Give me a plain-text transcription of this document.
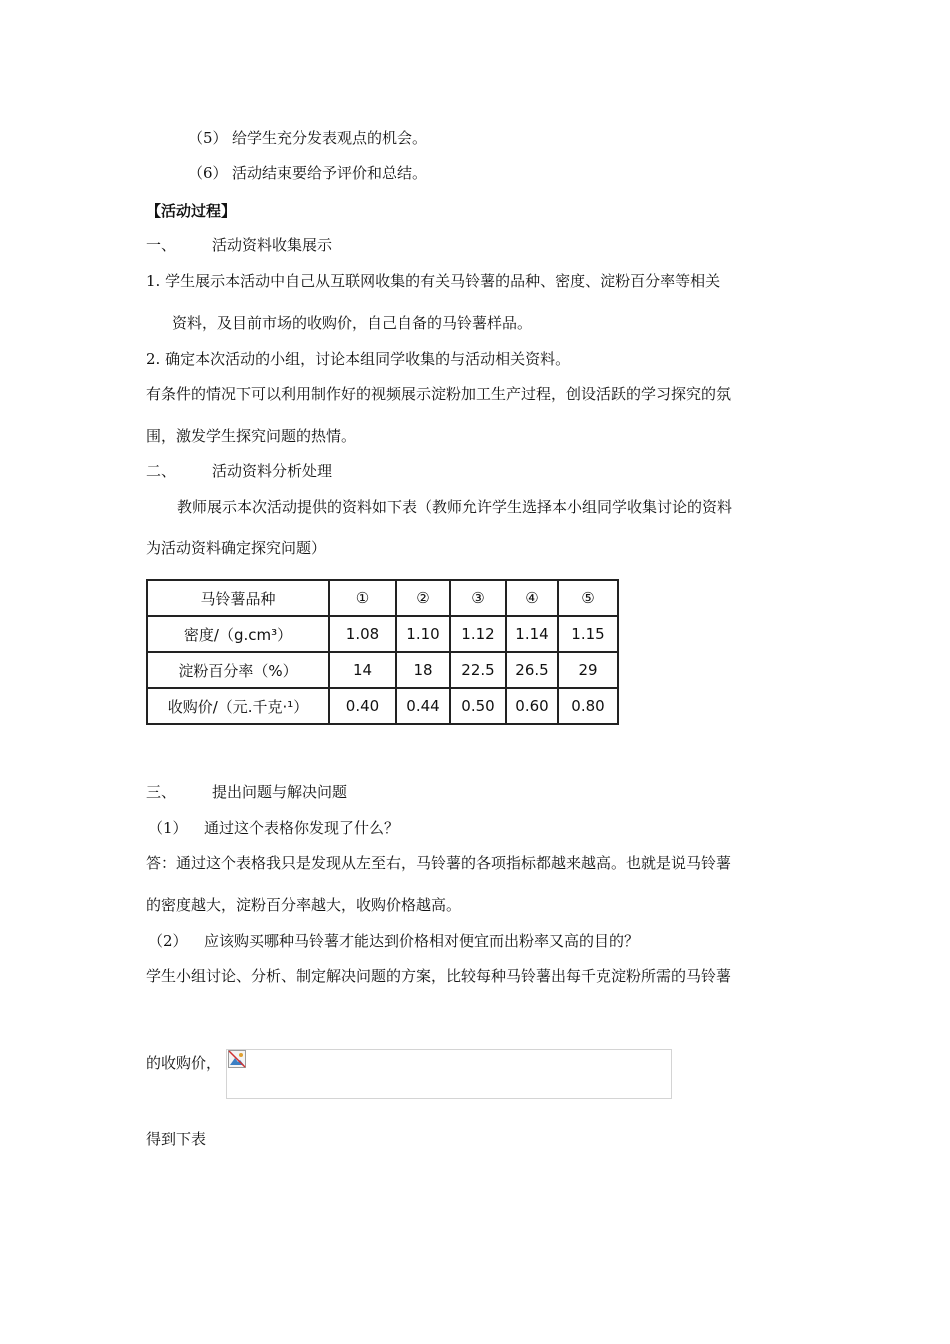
（5） 给学生充分发表观点的机会。
（6） 活动结束要给予评价和总结。
【活动过程】
一、 活动资料收集展示
1. 学生展示本活动中自己从互联网收集的有关马铃薯的品种、密度、淀粉百分率等相关
资料，及目前市场的收购价，自己自备的马铃薯样品。
2. 确定本次活动的小组，讨论本组同学收集的与活动相关资料。
有条件的情况下可以利用制作好的视频展示淀粉加工生产过程，创设活跃的学习探究的氛
围，激发学生探究问题的热情。
二、 活动资料分析处理
教师展示本次活动提供的资料如下表（教师允许学生选择本小组同学收集讨论的资料
为活动资料确定探究问题）
马铃薯品种	①	②	③	④	⑤
密度/（g.cm³）	1.08	1.10	1.12	1.14	1.15
淀粉百分率（%）	14	18	22.5	26.5	29
收购价/（元.千克·¹）	0.40	0.44	0.50	0.60	0.80
三、 提出问题与解决问题
（1） 通过这个表格你发现了什么？
答：通过这个表格我只是发现从左至右，马铃薯的各项指标都越来越高。也就是说马铃薯
的密度越大，淀粉百分率越大，收购价格越高。
（2） 应该购买哪种马铃薯才能达到价格相对便宜而出粉率又高的目的？
学生小组讨论、分析、制定解决问题的方案，比较每种马铃薯出每千克淀粉所需的马铃薯
的收购价，
得到下表
